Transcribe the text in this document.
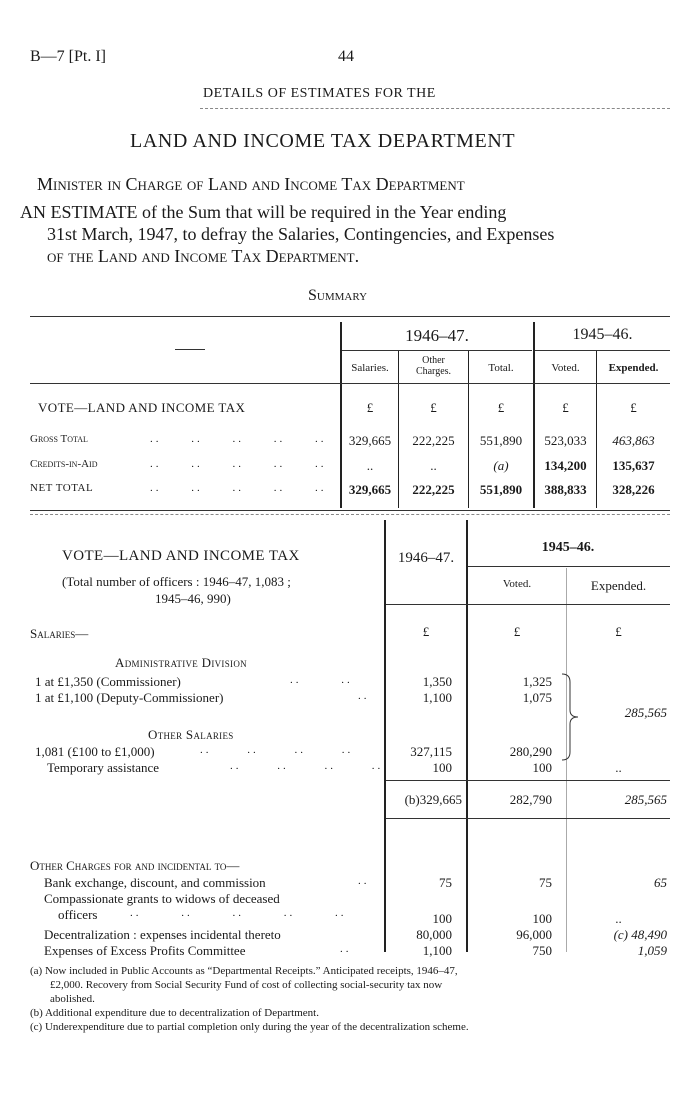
B—7 [Pt. I]	44
DETAILS OF ESTIMATES FOR THE
LAND AND INCOME TAX DEPARTMENT
Minister in Charge of Land and Income Tax Department
AN ESTIMATE of the Sum that will be required in the Year ending
31st March, 1947, to defray the Salaries, Contingencies, and Expenses
of the Land and Income Tax Department.
Summary
1946–47.	1945–46.
Salaries.
Other
Charges.	Total.	Voted.	Expended.
VOTE—LAND AND INCOME TAX	£	£	£	£	£
Gross Total	.. .. .. .. ..	329,665	222,225	551,890	523,033	463,863
Credits-in-Aid	.. .. .. .. ..	..	..	(a)	134,200	135,637
NET TOTAL	.. .. .. .. ..	329,665	222,225	551,890	388,833	328,226
VOTE—LAND AND INCOME TAX
(Total number of officers : 1946–47, 1,083 ;
1945–46, 990)
1946–47.
1945–46.
Voted.	Expended.
£	£	£
Salaries—
Administrative Division
1 at £1,350 (Commissioner)	.. ..	1,350	1,325
1 at £1,100 (Deputy-Commissioner)	..	1,100	1,075
Other Salaries
1,081 (£100 to £1,000)	.. .. .. ..	327,115	280,290
Temporary assistance	.. .. .. ..	100	100	..
285,565
(b)329,665	282,790	285,565
Other Charges for and incidental to—
Bank exchange, discount, and commission	..	75	75	65
Compassionate grants to widows of deceased
officers	.. .. .. .. ..	100	100	..
Decentralization : expenses incidental thereto	80,000	96,000	(c) 48,490
Expenses of Excess Profits Committee	..	1,100	750	1,059
(a) Now included in Public Accounts as “Departmental Receipts.” Anticipated receipts, 1946–47,
£2,000. Recovery from Social Security Fund of cost of collecting social-security tax now
abolished.
(b) Additional expenditure due to decentralization of Department.
(c) Underexpenditure due to partial completion only during the year of the decentralization scheme.
